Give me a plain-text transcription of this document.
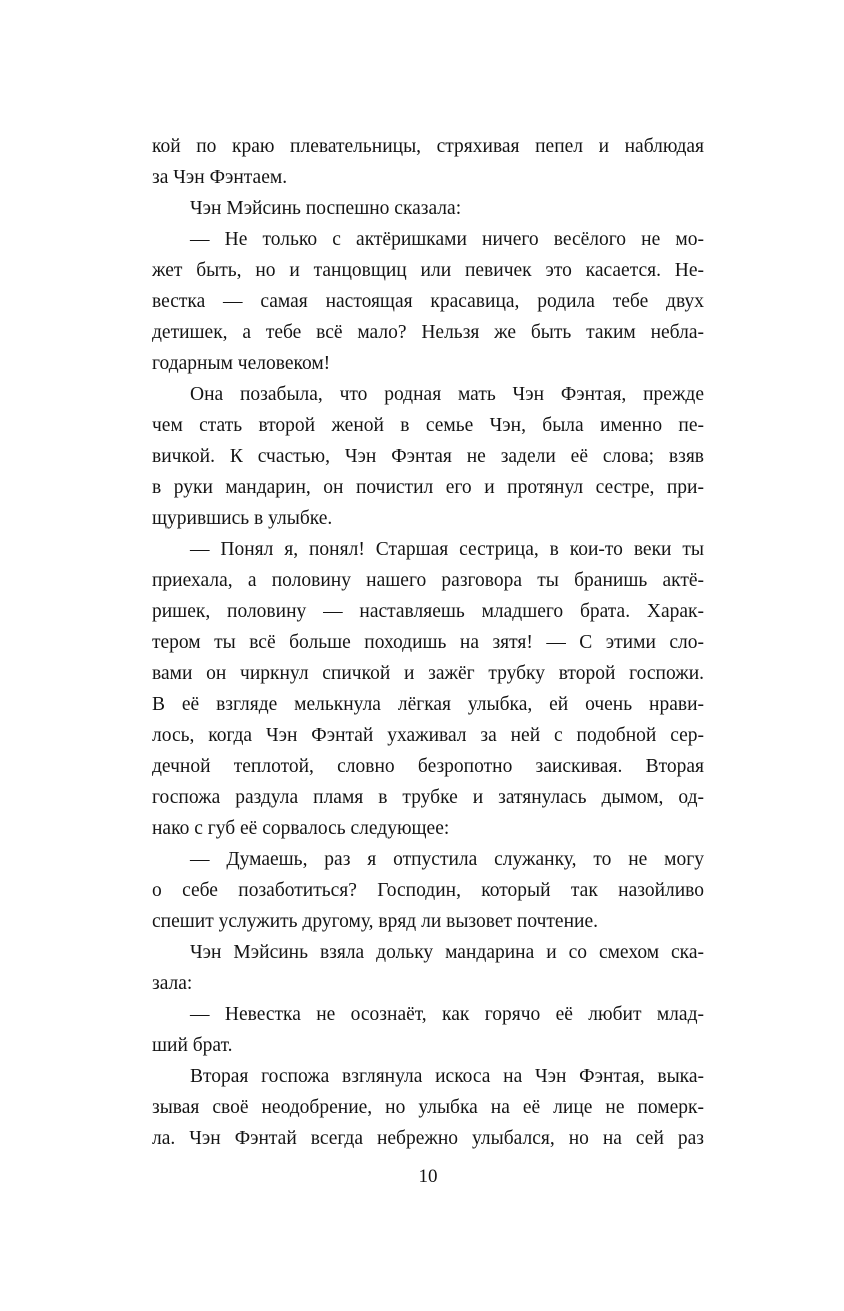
кой по краю плевательницы, стряхивая пепел и наблюдая
за Чэн Фэнтаем.
Чэн Мэйсинь поспешно сказала:
— Не только с актёришками ничего весёлого не мо-
жет быть, но и танцовщиц или певичек это касается. Не-
вестка — самая настоящая красавица, родила тебе двух
детишек, а тебе всё мало? Нельзя же быть таким небла-
годарным человеком!
Она позабыла, что родная мать Чэн Фэнтая, прежде
чем стать второй женой в семье Чэн, была именно пе-
вичкой. К счастью, Чэн Фэнтая не задели её слова; взяв
в руки мандарин, он почистил его и протянул сестре, при-
щурившись в улыбке.
— Понял я, понял! Старшая сестрица, в кои-то веки ты
приехала, а половину нашего разговора ты бранишь актё-
ришек, половину — наставляешь младшего брата. Харак-
тером ты всё больше походишь на зятя! — С этими сло-
вами он чиркнул спичкой и зажёг трубку второй госпожи.
В её взгляде мелькнула лёгкая улыбка, ей очень нрави-
лось, когда Чэн Фэнтай ухаживал за ней с подобной сер-
дечной теплотой, словно безропотно заискивая. Вторая
госпожа раздула пламя в трубке и затянулась дымом, од-
нако с губ её сорвалось следующее:
— Думаешь, раз я отпустила служанку, то не могу
о себе позаботиться? Господин, который так назойливо
спешит услужить другому, вряд ли вызовет почтение.
Чэн Мэйсинь взяла дольку мандарина и со смехом ска-
зала:
— Невестка не осознаёт, как горячо её любит млад-
ший брат.
Вторая госпожа взглянула искоса на Чэн Фэнтая, выка-
зывая своё неодобрение, но улыбка на её лице не померк-
ла. Чэн Фэнтай всегда небрежно улыбался, но на сей раз
10
